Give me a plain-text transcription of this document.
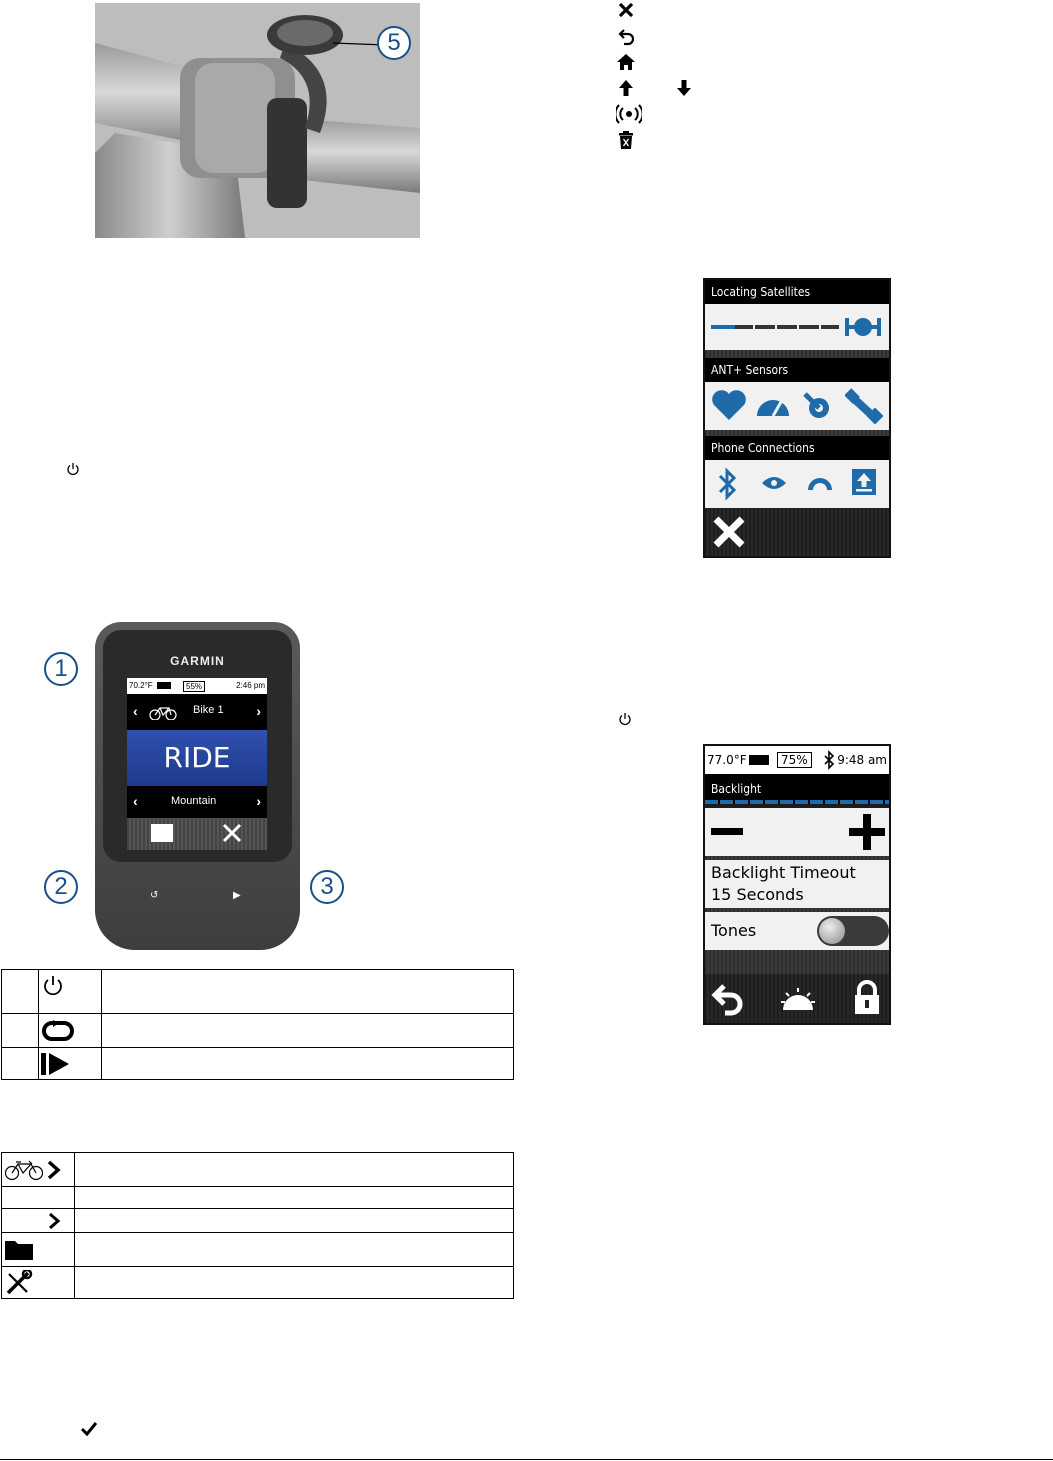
5
GARMIN
70.2°F	55%	2:46 pm
‹	Bike 1 ›
RIDE
‹	Mountain	›
↺	▶
1
2	3

Locating Satellites
ANT+ Sensors
Phone Connections
77.0°F	75%	9:48 am
Backlight
Backlight Timeout
15 Seconds
Tones
